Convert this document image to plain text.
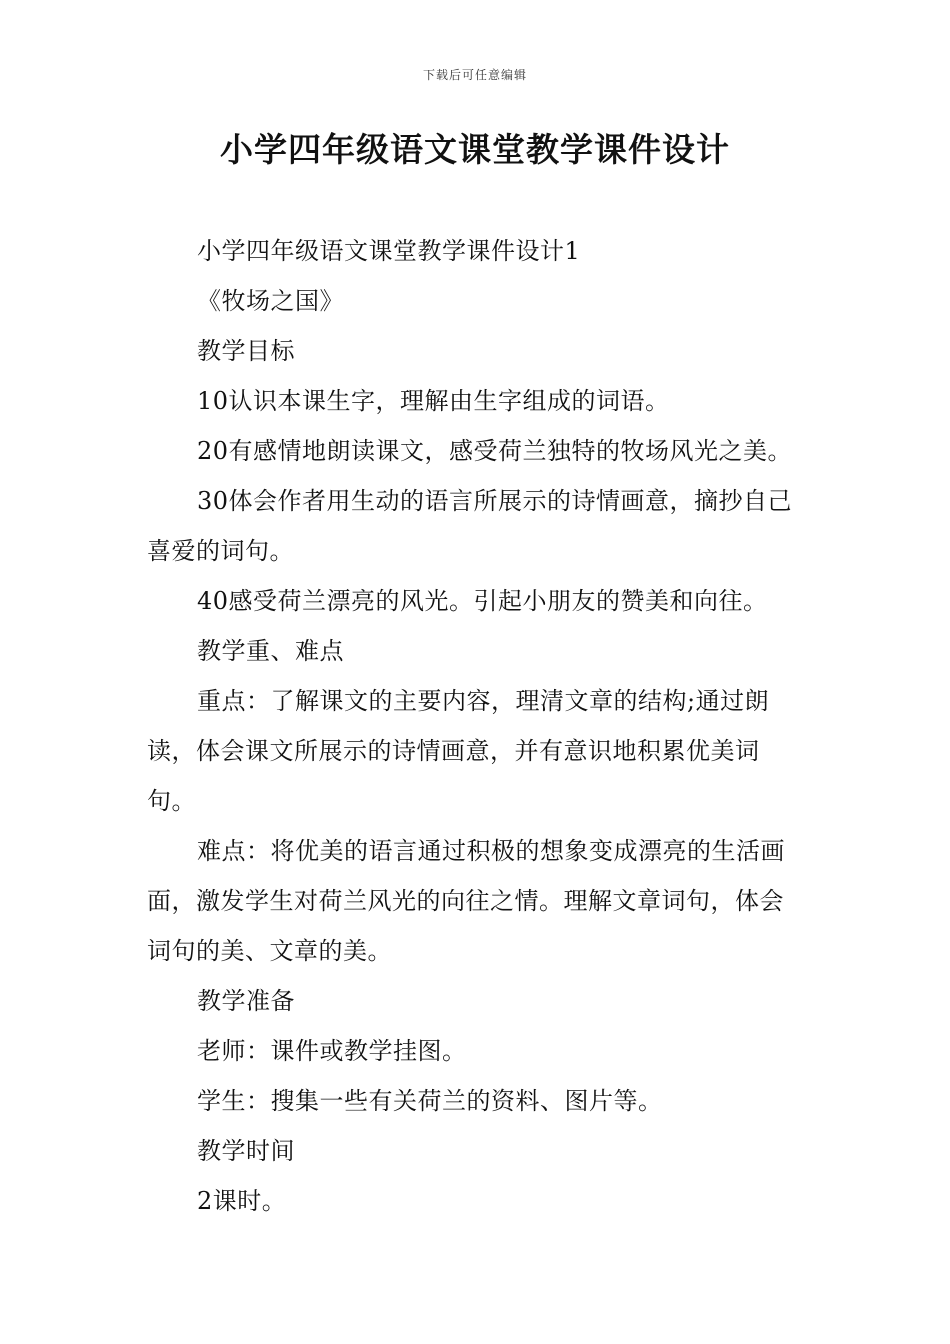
下载后可任意编辑
小学四年级语文课堂教学课件设计

小学四年级语文课堂教学课件设计1

《牧场之国》

教学目标

10认识本课生字，理解由生字组成的词语。

20有感情地朗读课文，感受荷兰独特的牧场风光之美。

30体会作者用生动的语言所展示的诗情画意，摘抄自己喜爱的词句。

40感受荷兰漂亮的风光。引起小朋友的赞美和向往。

教学重、难点

重点：了解课文的主要内容，理清文章的结构;通过朗读，体会课文所展示的诗情画意，并有意识地积累优美词句。

难点：将优美的语言通过积极的想象变成漂亮的生活画面，激发学生对荷兰风光的向往之情。理解文章词句，体会词句的美、文章的美。

教学准备

老师：课件或教学挂图。

学生：搜集一些有关荷兰的资料、图片等。

教学时间

2课时。
